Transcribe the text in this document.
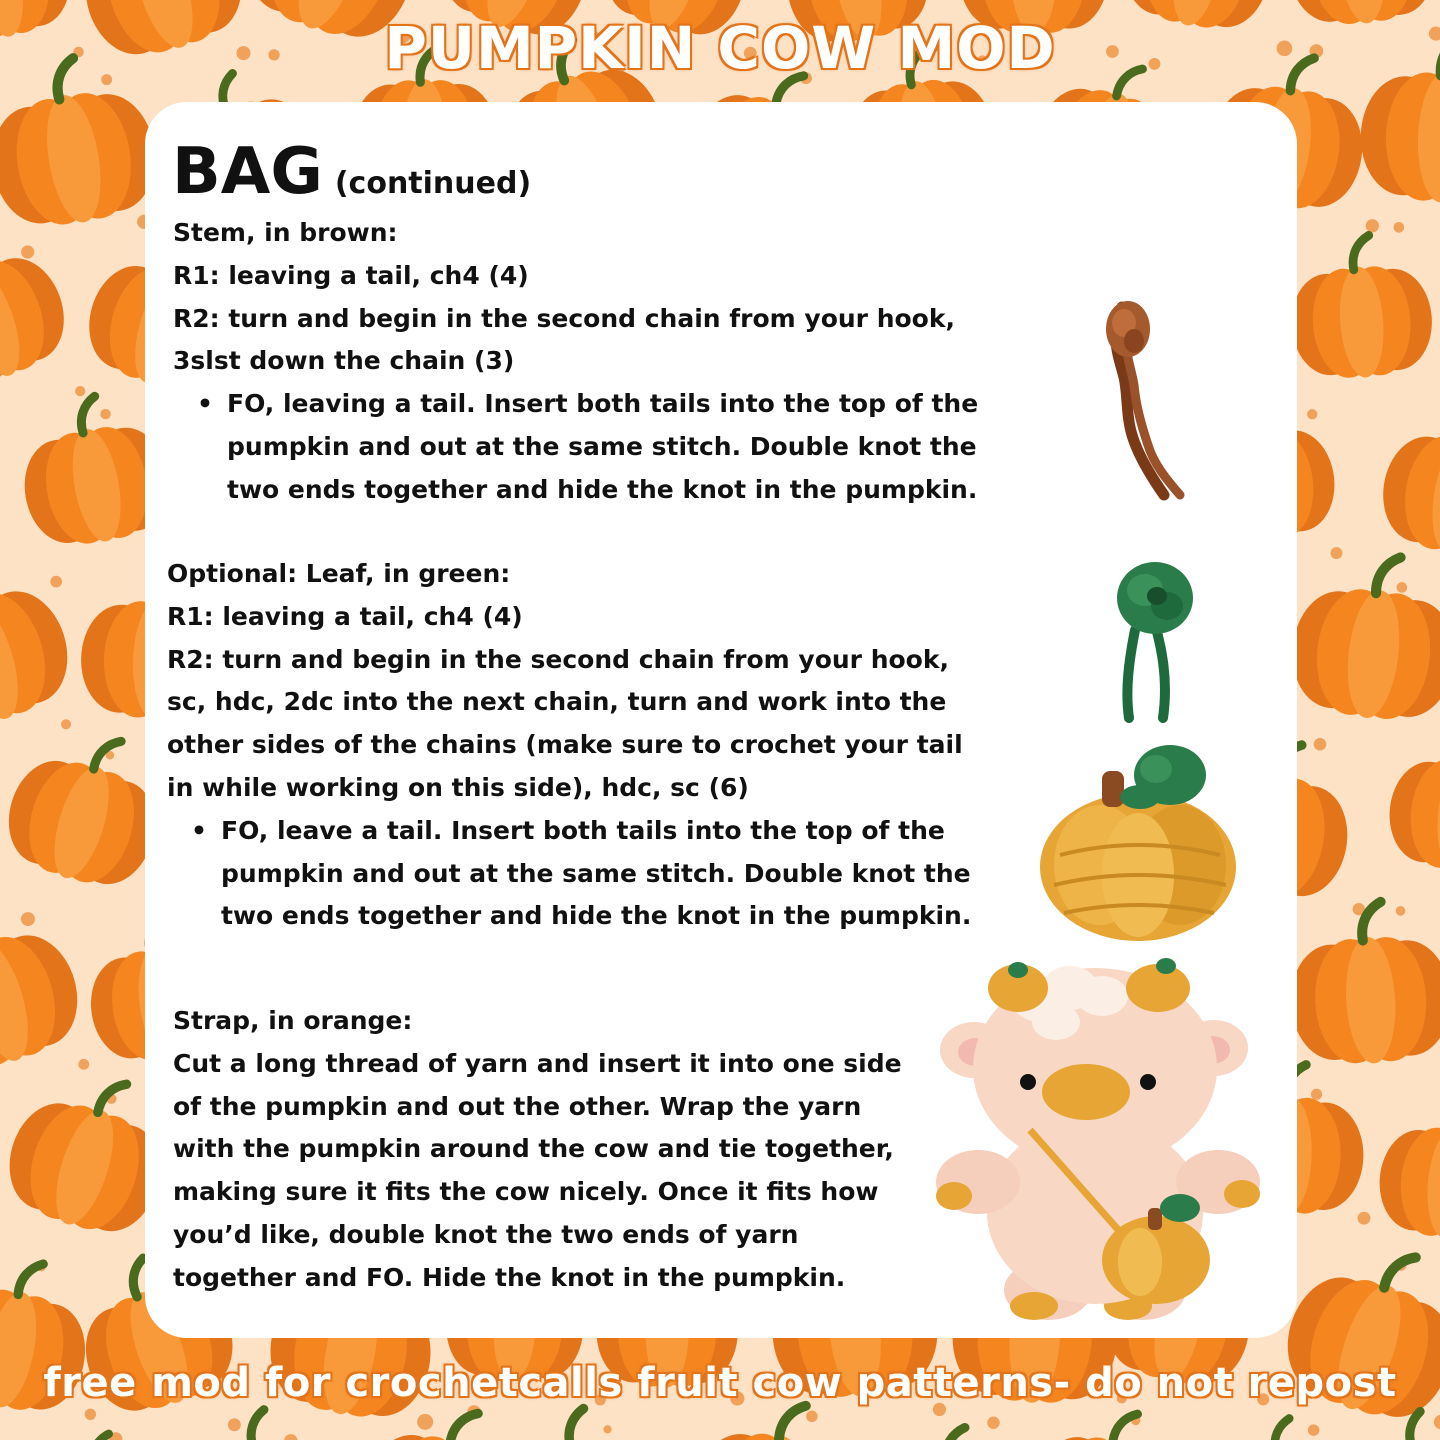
PUMPKIN COW MOD
BAG (continued)
Stem, in brown:
R1: leaving a tail, ch4 (4)
R2: turn and begin in the second chain from your hook,
3slst down the chain (3)
• FO, leaving a tail. Insert both tails into the top of the
pumpkin and out at the same stitch. Double knot the
two ends together and hide the knot in the pumpkin.
Optional: Leaf, in green:
R1: leaving a tail, ch4 (4)
R2: turn and begin in the second chain from your hook,
sc, hdc, 2dc into the next chain, turn and work into the
other sides of the chains (make sure to crochet your tail
in while working on this side), hdc, sc (6)
• FO, leave a tail. Insert both tails into the top of the
pumpkin and out at the same stitch. Double knot the
two ends together and hide the knot in the pumpkin.
Strap, in orange:
Cut a long thread of yarn and insert it into one side
of the pumpkin and out the other. Wrap the yarn
with the pumpkin around the cow and tie together,
making sure it fits the cow nicely. Once it fits how
you’d like, double knot the two ends of yarn
together and FO. Hide the knot in the pumpkin.
free mod for crochetcalls fruit cow patterns- do not repost
